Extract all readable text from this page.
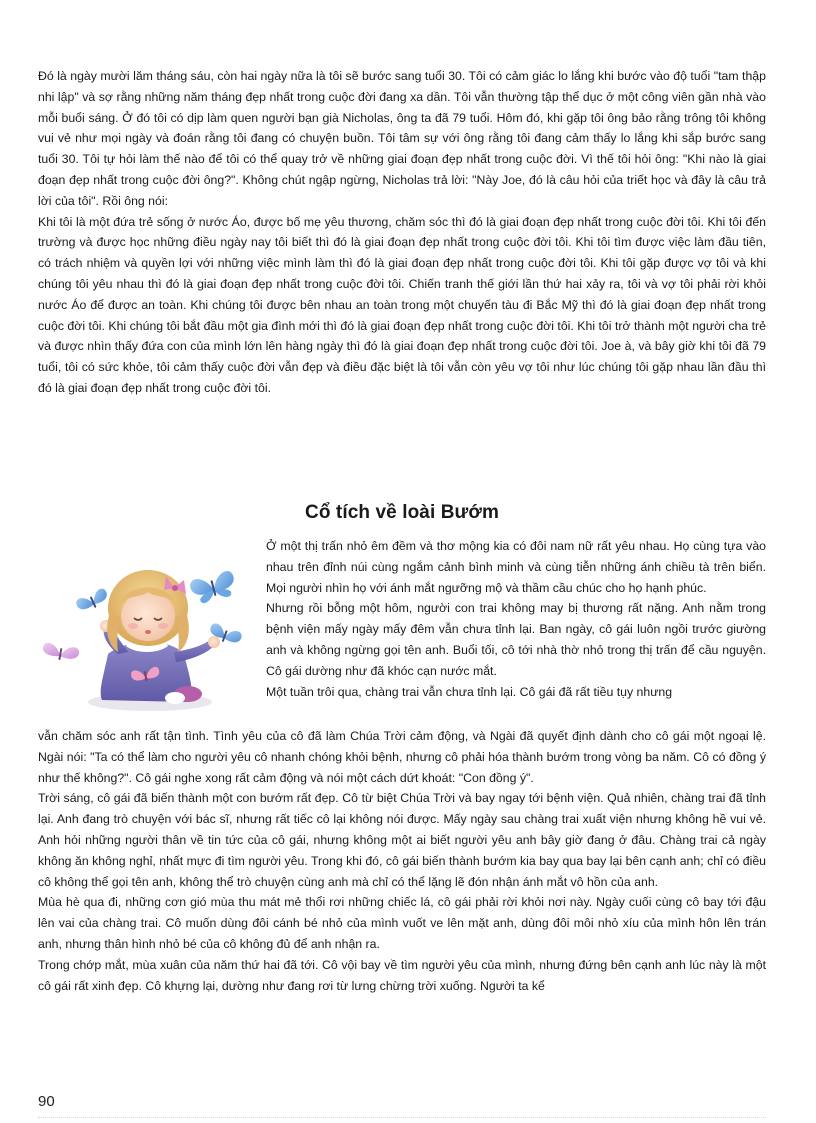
Đó là ngày mười lăm tháng sáu, còn hai ngày nữa là tôi sẽ bước sang tuổi 30. Tôi có cảm giác lo lắng khi bước vào độ tuổi "tam thập nhi lập" và sợ rằng những năm tháng đẹp nhất trong cuộc đời đang xa dần. Tôi vẫn thường tập thể dục ở một công viên gần nhà vào mỗi buổi sáng. Ở đó tôi có dịp làm quen người bạn già Nicholas, ông ta đã 79 tuổi. Hôm đó, khi gặp tôi ông bảo rằng trông tôi không vui vẻ như mọi ngày và đoán rằng tôi đang có chuyện buồn. Tôi tâm sự với ông rằng tôi đang cảm thấy lo lắng khi sắp bước sang tuổi 30. Tôi tự hỏi làm thế nào để tôi có thể quay trở về những giai đoạn đẹp nhất trong cuộc đời. Vì thế tôi hỏi ông: "Khi nào là giai đoạn đẹp nhất trong cuộc đời ông?". Không chút ngập ngừng, Nicholas trả lời: "Này Joe, đó là câu hỏi của triết học và đây là câu trả lời của tôi". Rồi ông nói:

Khi tôi là một đứa trẻ sống ở nước Áo, được bố mẹ yêu thương, chăm sóc thì đó là giai đoạn đẹp nhất trong cuộc đời tôi. Khi tôi đến trường và được học những điều ngày nay tôi biết thì đó là giai đoạn đẹp nhất trong cuộc đời tôi. Khi tôi tìm được việc làm đầu tiên, có trách nhiệm và quyền lợi với những việc mình làm thì đó là giai đoạn đẹp nhất trong cuộc đời tôi. Khi tôi gặp được vợ tôi và khi chúng tôi yêu nhau thì đó là giai đoạn đẹp nhất trong cuộc đời tôi. Chiến tranh thế giới lần thứ hai xảy ra, tôi và vợ tôi phải rời khỏi nước Áo để được an toàn. Khi chúng tôi được bên nhau an toàn trong một chuyến tàu đi Bắc Mỹ thì đó là giai đoạn đẹp nhất trong cuộc đời tôi. Khi chúng tôi bắt đầu một gia đình mới thì đó là giai đoạn đẹp nhất trong cuộc đời tôi. Khi tôi trở thành một người cha trẻ và được nhìn thấy đứa con của mình lớn lên hàng ngày thì đó là giai đoạn đẹp nhất trong cuộc đời tôi. Joe à, và bây giờ khi tôi đã 79 tuổi, tôi có sức khỏe, tôi cảm thấy cuộc đời vẫn đẹp và điều đặc biệt là tôi vẫn còn yêu vợ tôi như lúc chúng tôi gặp nhau lần đầu thì đó là giai đoạn đẹp nhất trong cuộc đời tôi.

Cổ tích về loài Bướm

Ở một thị trấn nhỏ êm đềm và thơ mộng kia có đôi nam nữ rất yêu nhau. Họ cùng tựa vào nhau trên đỉnh núi cùng ngắm cảnh bình minh và cùng tiễn những ánh chiều tà trên biển. Mọi người nhìn họ với ánh mắt ngưỡng mộ và thầm cầu chúc cho họ hạnh phúc.

Nhưng rồi bỗng một hôm, người con trai không may bị thương rất nặng. Anh nằm trong bệnh viện mấy ngày mấy đêm vẫn chưa tỉnh lại. Ban ngày, cô gái luôn ngồi trước giường anh và không ngừng gọi tên anh. Buổi tối, cô tới nhà thờ nhỏ trong thị trấn để cầu nguyện. Cô gái dường như đã khóc cạn nước mắt.

Một tuần trôi qua, chàng trai vẫn chưa tỉnh lại. Cô gái đã rất tiều tụy nhưng

vẫn chăm sóc anh rất tận tình. Tình yêu của cô đã làm Chúa Trời cảm động, và Ngài đã quyết định dành cho cô gái một ngoại lệ. Ngài nói: "Ta có thể làm cho người yêu cô nhanh chóng khỏi bệnh, nhưng cô phải hóa thành bướm trong vòng ba năm. Cô có đồng ý như thế không?". Cô gái nghe xong rất cảm động và nói một cách dứt khoát: "Con đồng ý".

Trời sáng, cô gái đã biến thành một con bướm rất đẹp. Cô từ biệt Chúa Trời và bay ngay tới bệnh viện. Quả nhiên, chàng trai đã tỉnh lại. Anh đang trò chuyện với bác sĩ, nhưng rất tiếc cô lại không nói được. Mấy ngày sau chàng trai xuất viện nhưng không hề vui vẻ. Anh hỏi những người thân về tin tức của cô gái, nhưng không một ai biết người yêu anh bây giờ đang ở đâu. Chàng trai cả ngày không ăn không nghỉ, nhất mực đi tìm người yêu. Trong khi đó, cô gái biến thành bướm kia bay qua bay lại bên cạnh anh; chỉ có điều cô không thể gọi tên anh, không thể trò chuyện cùng anh mà chỉ có thể lặng lẽ đón nhận ánh mắt vô hồn của anh.

Mùa hè qua đi, những cơn gió mùa thu mát mẻ thổi rơi những chiếc lá, cô gái phải rời khỏi nơi này. Ngày cuối cùng cô bay tới đậu lên vai của chàng trai. Cô muốn dùng đôi cánh bé nhỏ của mình vuốt ve lên mặt anh, dùng đôi môi nhỏ xíu của mình hôn lên trán anh, nhưng thân hình nhỏ bé của cô không đủ để anh nhận ra.

Trong chớp mắt, mùa xuân của năm thứ hai đã tới. Cô vội bay về tìm người yêu của mình, nhưng đứng bên cạnh anh lúc này là một cô gái rất xinh đẹp. Cô khựng lại, dường như đang rơi từ lưng chừng trời xuống. Người ta kể

90
